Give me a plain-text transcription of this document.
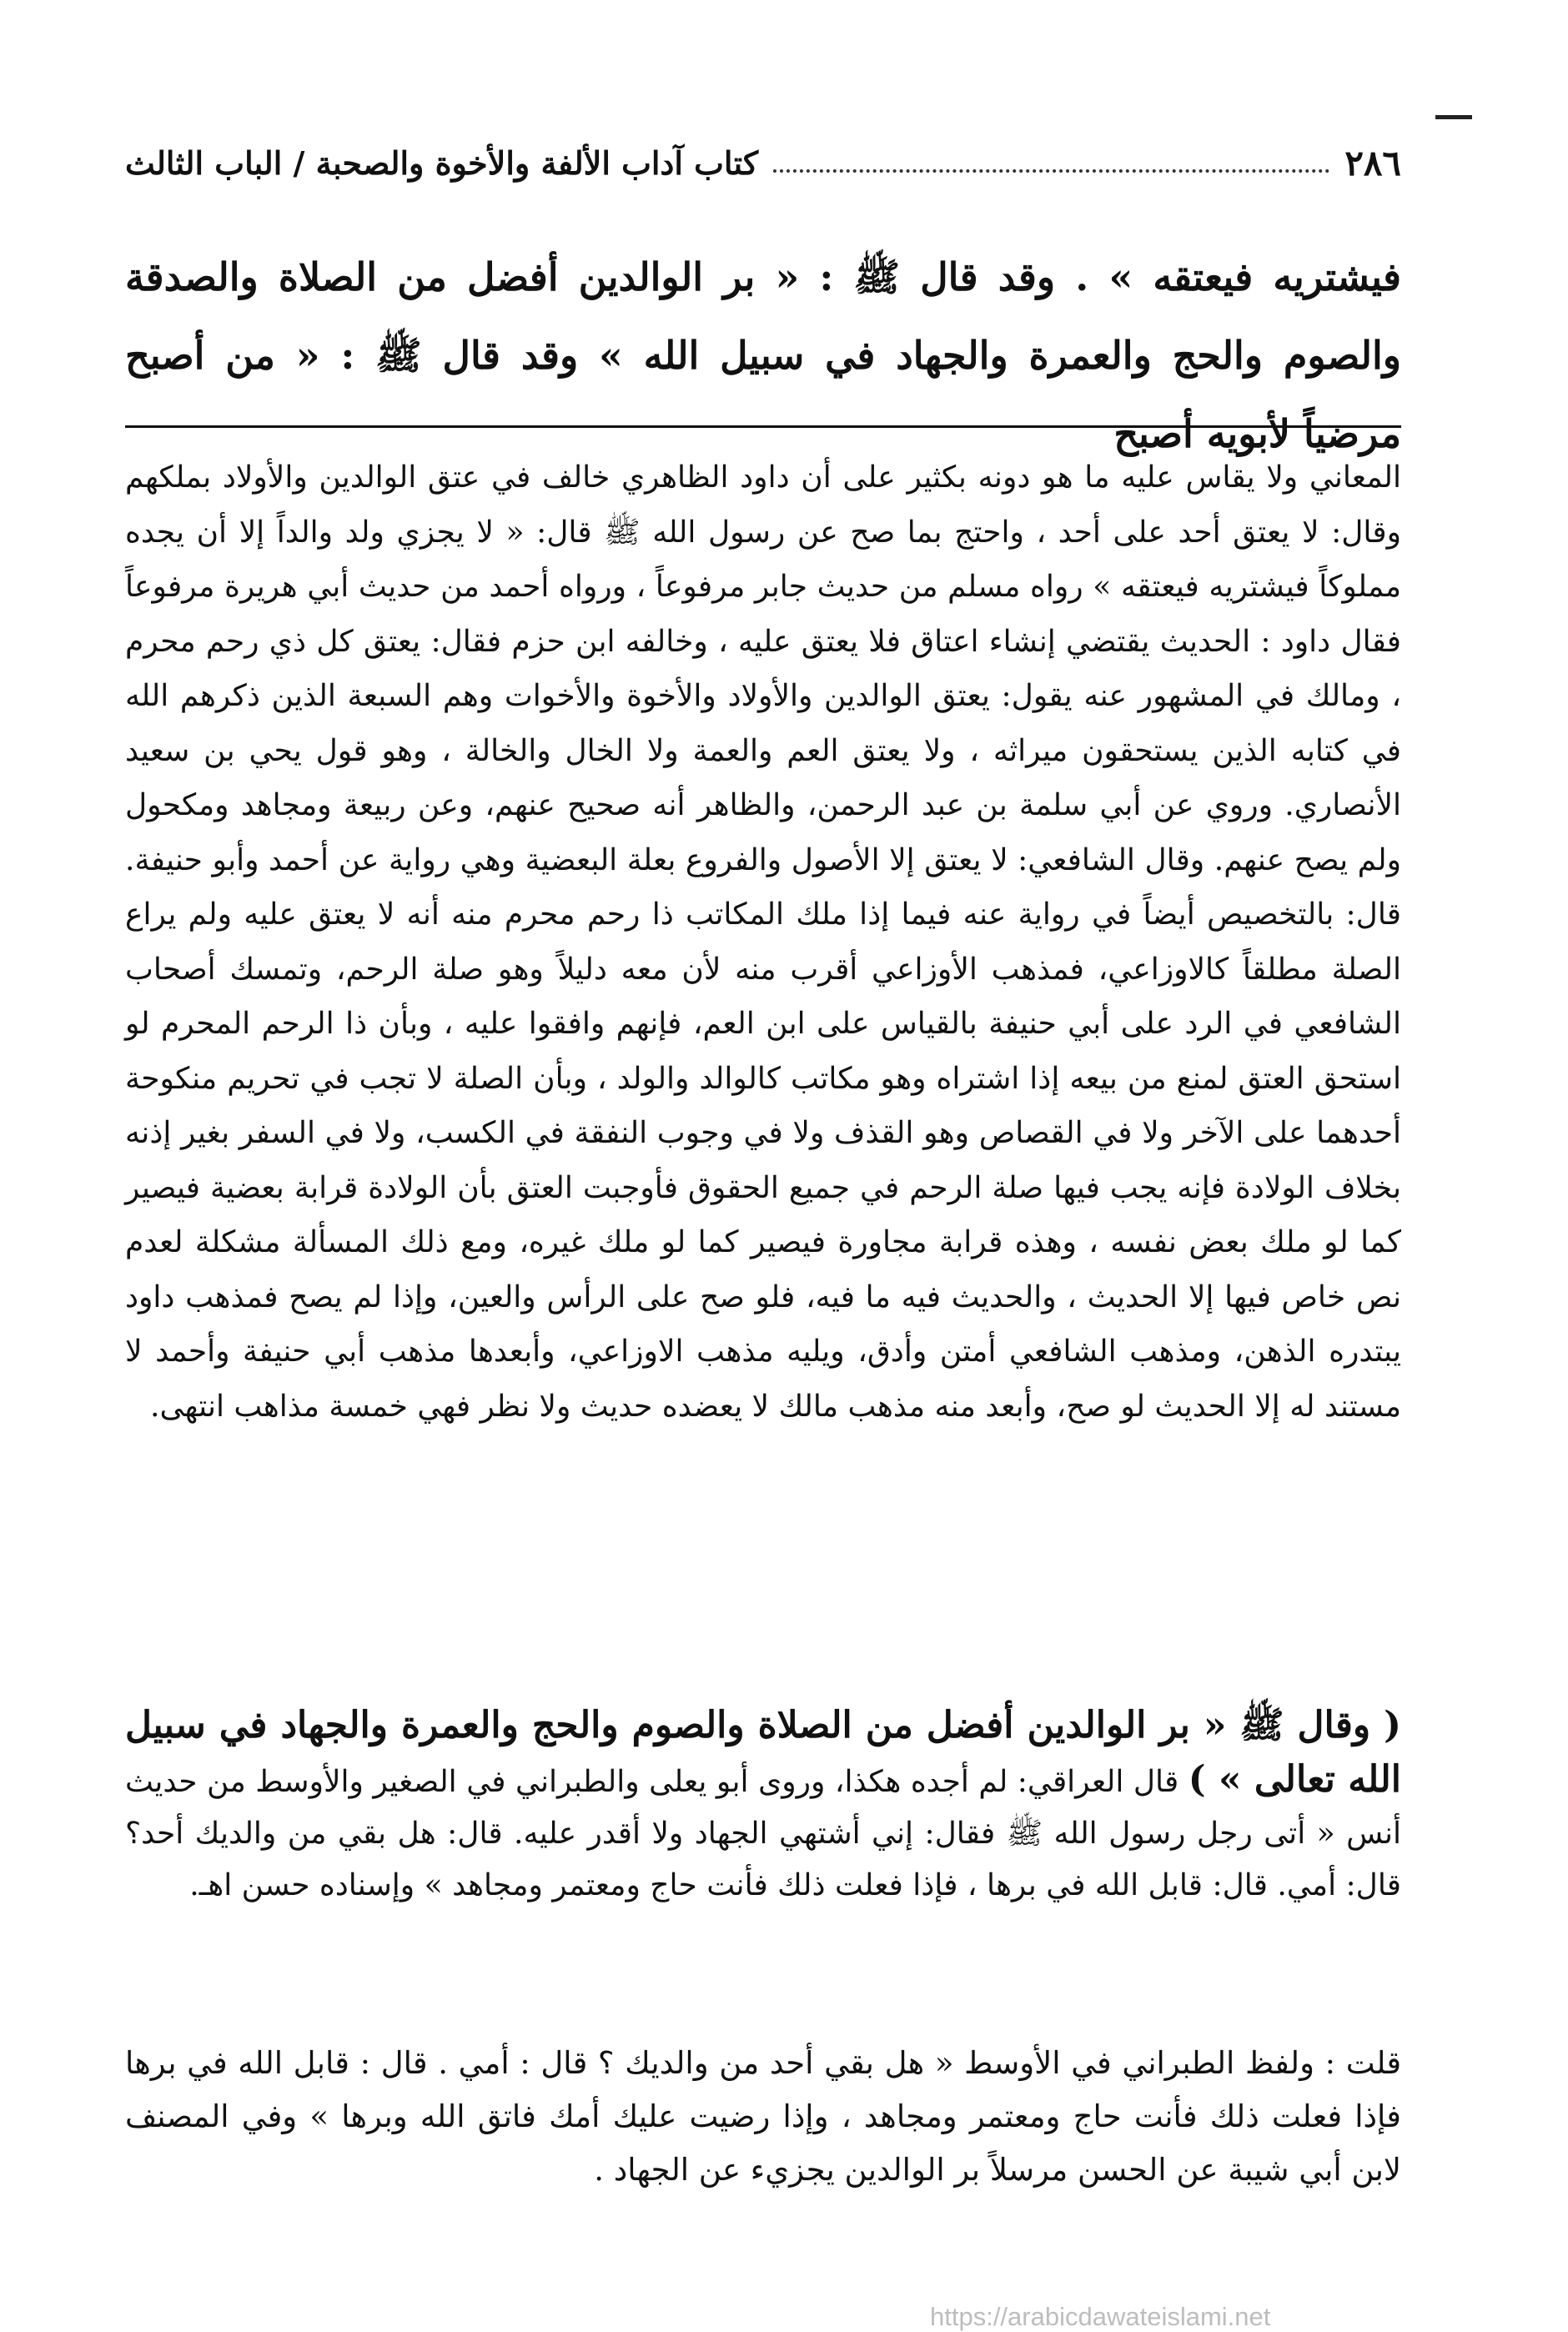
٢٨٦
كتاب آداب الألفة والأخوة والصحبة / الباب الثالث

فيشتريه فيعتقه » . وقد قال ﷺ : « بر الوالدين أفضل من الصلاة والصدقة والصوم والحج والعمرة والجهاد في سبيل الله » وقد قال ﷺ : « من أصبح مرضياً لأبويه أصبح

المعاني ولا يقاس عليه ما هو دونه بكثير على أن داود الظاهري خالف في عتق الوالدين والأولاد بملكهم وقال: لا يعتق أحد على أحد ، واحتج بما صح عن رسول الله ﷺ قال: « لا يجزي ولد والداً إلا أن يجده مملوكاً فيشتريه فيعتقه » رواه مسلم من حديث جابر مرفوعاً ، ورواه أحمد من حديث أبي هريرة مرفوعاً فقال داود : الحديث يقتضي إنشاء اعتاق فلا يعتق عليه ، وخالفه ابن حزم فقال: يعتق كل ذي رحم محرم ، ومالك في المشهور عنه يقول: يعتق الوالدين والأولاد والأخوة والأخوات وهم السبعة الذين ذكرهم الله في كتابه الذين يستحقون ميراثه ، ولا يعتق العم والعمة ولا الخال والخالة ، وهو قول يحي بن سعيد الأنصاري. وروي عن أبي سلمة بن عبد الرحمن، والظاهر أنه صحيح عنهم، وعن ربيعة ومجاهد ومكحول ولم يصح عنهم. وقال الشافعي: لا يعتق إلا الأصول والفروع بعلة البعضية وهي رواية عن أحمد وأبو حنيفة. قال: بالتخصيص أيضاً في رواية عنه فيما إذا ملك المكاتب ذا رحم محرم منه أنه لا يعتق عليه ولم يراع الصلة مطلقاً كالاوزاعي، فمذهب الأوزاعي أقرب منه لأن معه دليلاً وهو صلة الرحم، وتمسك أصحاب الشافعي في الرد على أبي حنيفة بالقياس على ابن العم، فإنهم وافقوا عليه ، وبأن ذا الرحم المحرم لو استحق العتق لمنع من بيعه إذا اشتراه وهو مكاتب كالوالد والولد ، وبأن الصلة لا تجب في تحريم منكوحة أحدهما على الآخر ولا في القصاص وهو القذف ولا في وجوب النفقة في الكسب، ولا في السفر بغير إذنه بخلاف الولادة فإنه يجب فيها صلة الرحم في جميع الحقوق فأوجبت العتق بأن الولادة قرابة بعضية فيصير كما لو ملك بعض نفسه ، وهذه قرابة مجاورة فيصير كما لو ملك غيره، ومع ذلك المسألة مشكلة لعدم نص خاص فيها إلا الحديث ، والحديث فيه ما فيه، فلو صح على الرأس والعين، وإذا لم يصح فمذهب داود يبتدره الذهن، ومذهب الشافعي أمتن وأدق، ويليه مذهب الاوزاعي، وأبعدها مذهب أبي حنيفة وأحمد لا مستند له إلا الحديث لو صح، وأبعد منه مذهب مالك لا يعضده حديث ولا نظر فهي خمسة مذاهب انتهى.

( وقال ﷺ « بر الوالدين أفضل من الصلاة والصوم والحج والعمرة والجهاد في سبيل الله تعالى » ) قال العراقي: لم أجده هكذا، وروى أبو يعلى والطبراني في الصغير والأوسط من حديث أنس « أتى رجل رسول الله ﷺ فقال: إني أشتهي الجهاد ولا أقدر عليه. قال: هل بقي من والديك أحد؟ قال: أمي. قال: قابل الله في برها ، فإذا فعلت ذلك فأنت حاج ومعتمر ومجاهد » وإسناده حسن اهـ.

قلت : ولفظ الطبراني في الأوسط « هل بقي أحد من والديك ؟ قال : أمي . قال : قابل الله في برها فإذا فعلت ذلك فأنت حاج ومعتمر ومجاهد ، وإذا رضيت عليك أمك فاتق الله وبرها » وفي المصنف لابن أبي شيبة عن الحسن مرسلاً بر الوالدين يجزيء عن الجهاد .

https://arabicdawateislami.net
